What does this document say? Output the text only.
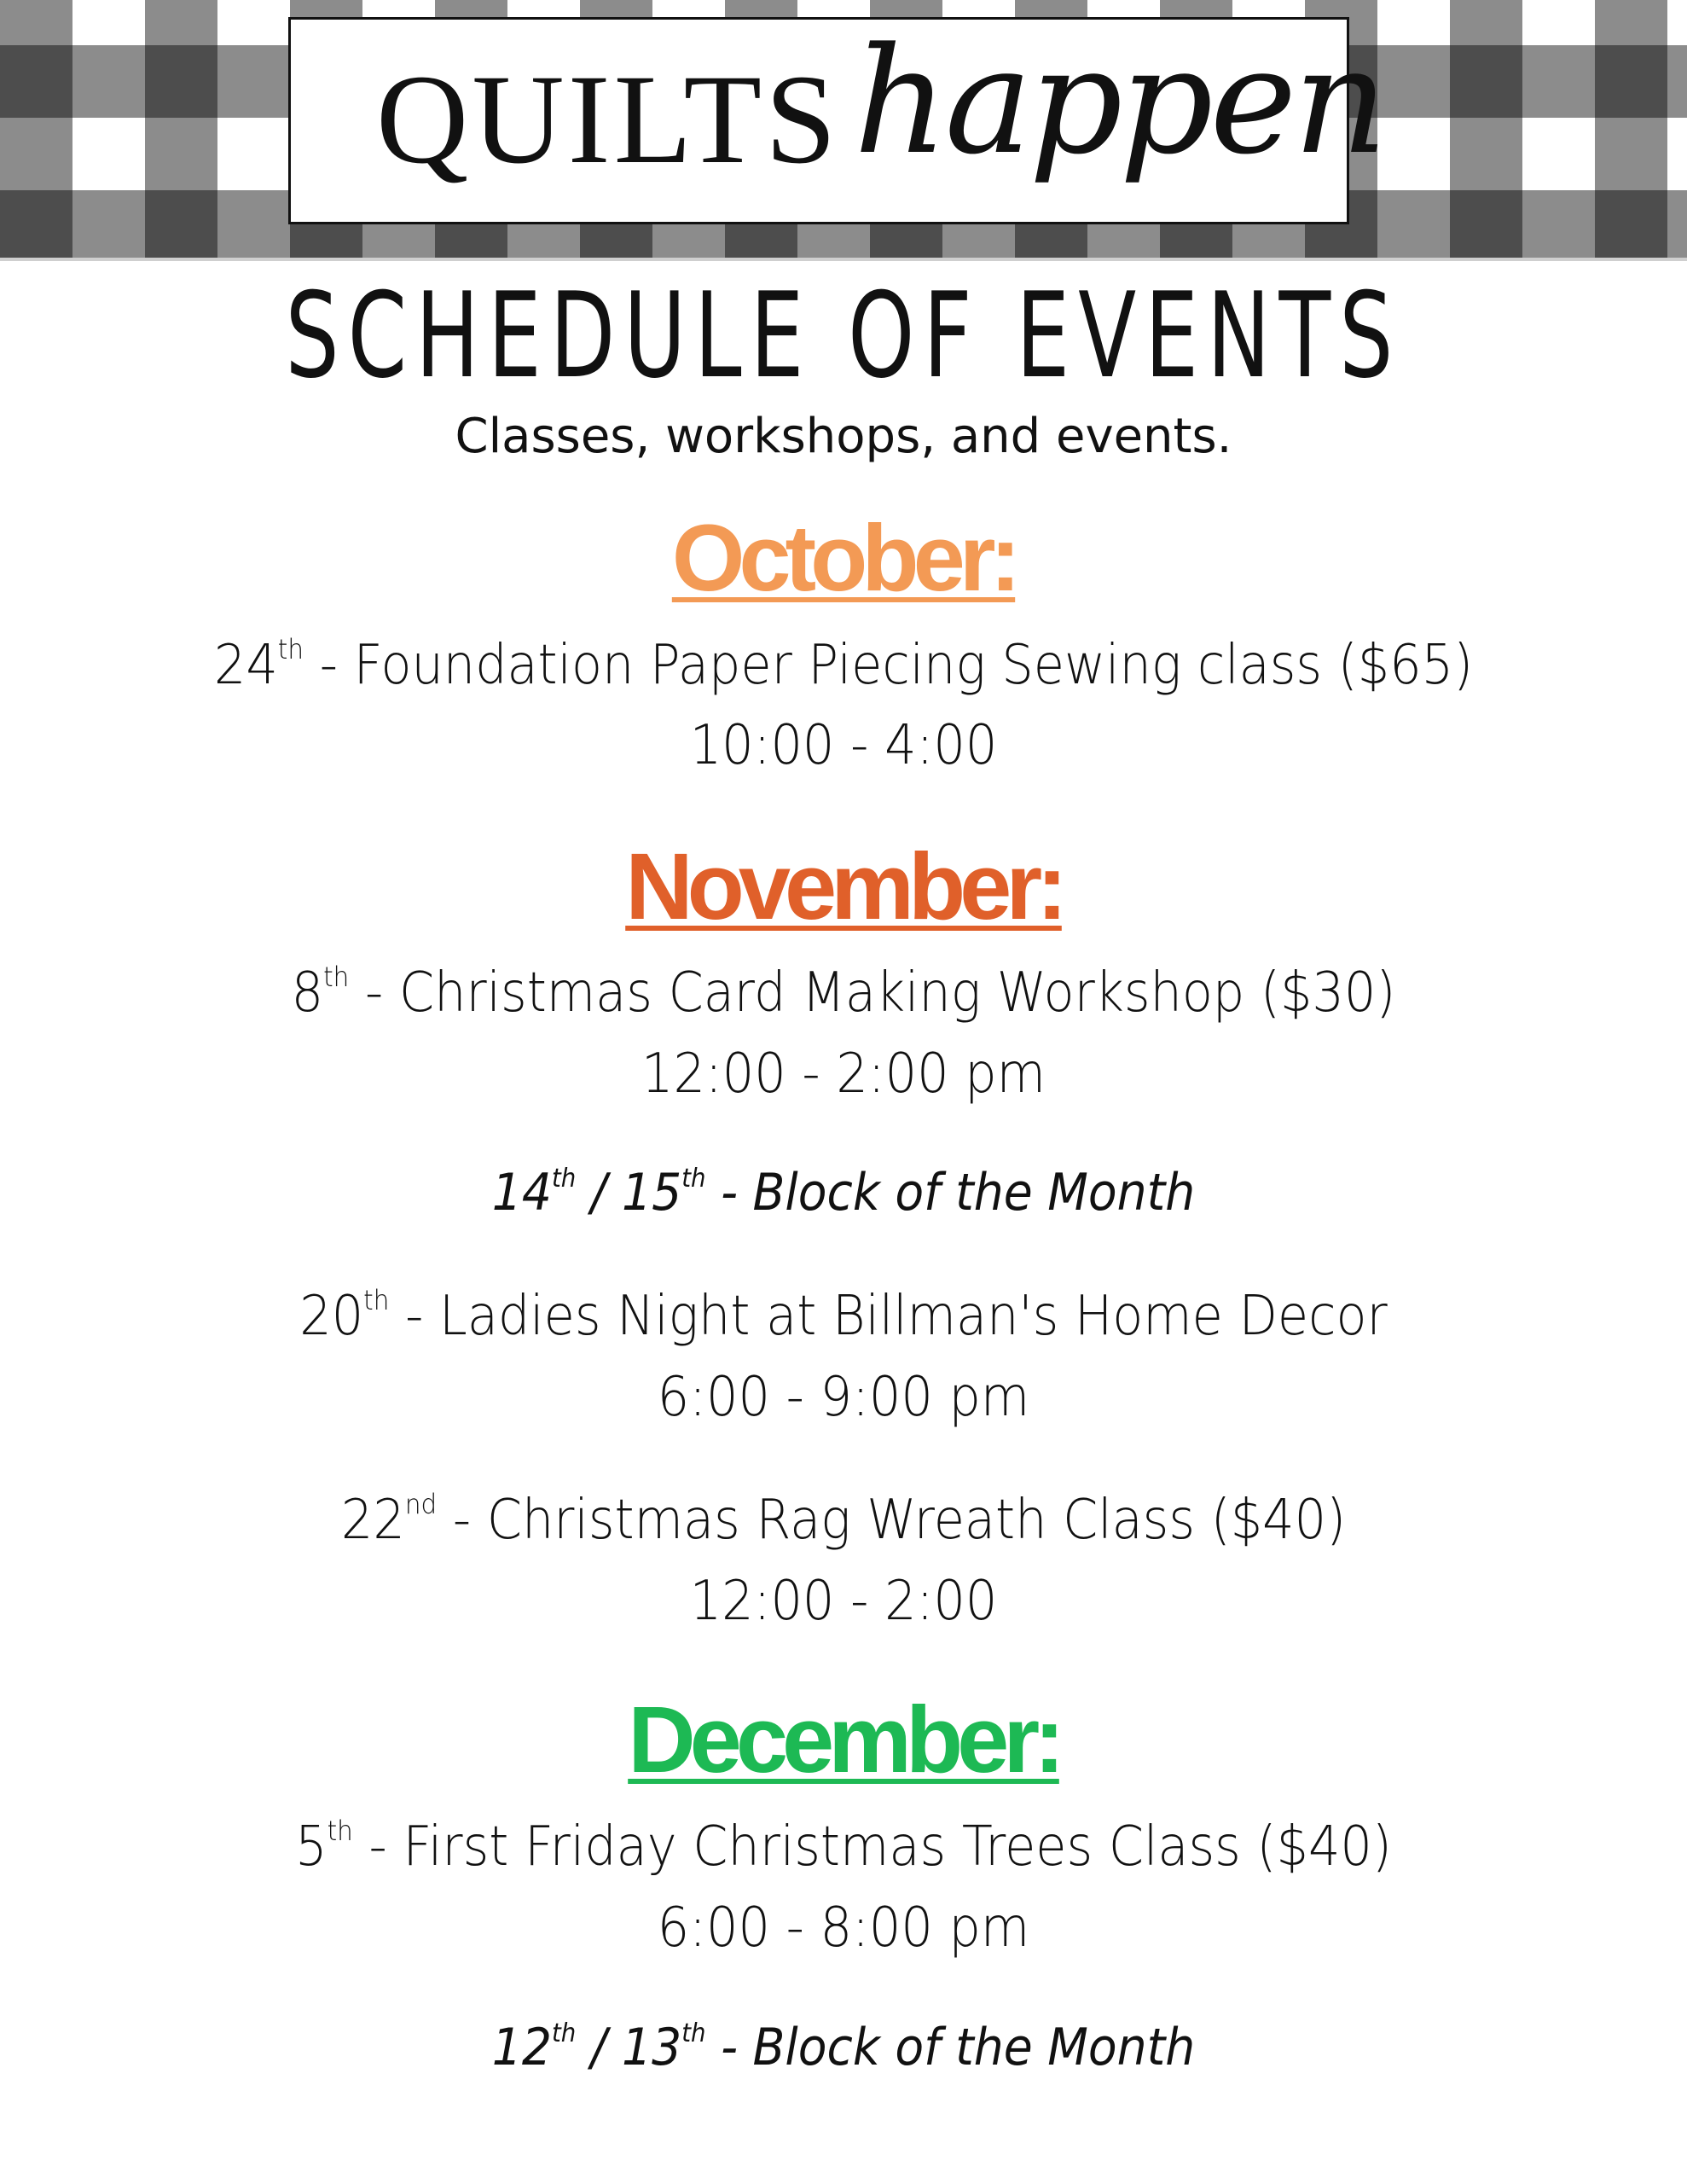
QUILTS happen
SCHEDULE OF EVENTS
Classes, workshops, and events.
October:
24th - Foundation Paper Piecing Sewing class ($65)
10:00 - 4:00
November:
8th - Christmas Card Making Workshop ($30)
12:00 - 2:00 pm
14th / 15th - Block of the Month
20th - Ladies Night at Billman's Home Decor
6:00 - 9:00 pm
22nd - Christmas Rag Wreath Class ($40)
12:00 - 2:00
December:
5th - First Friday Christmas Trees Class ($40)
6:00 - 8:00 pm
12th / 13th - Block of the Month
